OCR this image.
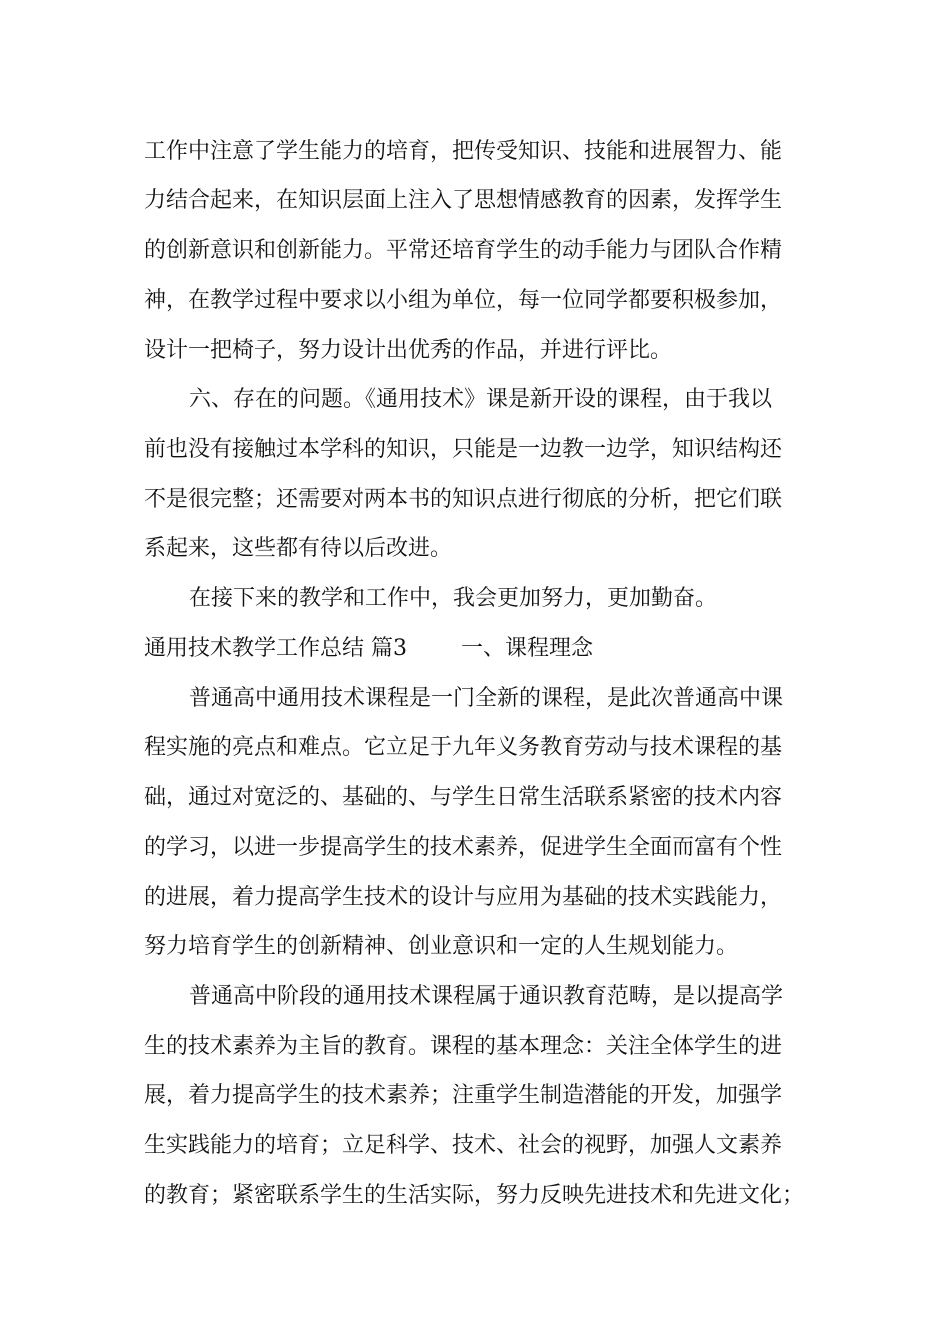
工作中注意了学生能力的培育，把传受知识、技能和进展智力、能
力结合起来，在知识层面上注入了思想情感教育的因素，发挥学生
的创新意识和创新能力。平常还培育学生的动手能力与团队合作精
神，在教学过程中要求以小组为单位，每一位同学都要积极参加，
设计一把椅子，努力设计出优秀的作品，并进行评比。
六、存在的问题。《通用技术》课是新开设的课程，由于我以
前也没有接触过本学科的知识，只能是一边教一边学，知识结构还
不是很完整；还需要对两本书的知识点进行彻底的分析，把它们联
系起来，这些都有待以后改进。
在接下来的教学和工作中，我会更加努力，更加勤奋。
通用技术教学工作总结 篇3 一、课程理念
普通高中通用技术课程是一门全新的课程，是此次普通高中课
程实施的亮点和难点。它立足于九年义务教育劳动与技术课程的基
础，通过对宽泛的、基础的、与学生日常生活联系紧密的技术内容
的学习，以进一步提高学生的技术素养，促进学生全面而富有个性
的进展，着力提高学生技术的设计与应用为基础的技术实践能力，
努力培育学生的创新精神、创业意识和一定的人生规划能力。
普通高中阶段的通用技术课程属于通识教育范畴，是以提高学
生的技术素养为主旨的教育。课程的基本理念：关注全体学生的进
展，着力提高学生的技术素养；注重学生制造潜能的开发，加强学
生实践能力的培育；立足科学、技术、社会的视野，加强人文素养
的教育；紧密联系学生的生活实际，努力反映先进技术和先进文化；
